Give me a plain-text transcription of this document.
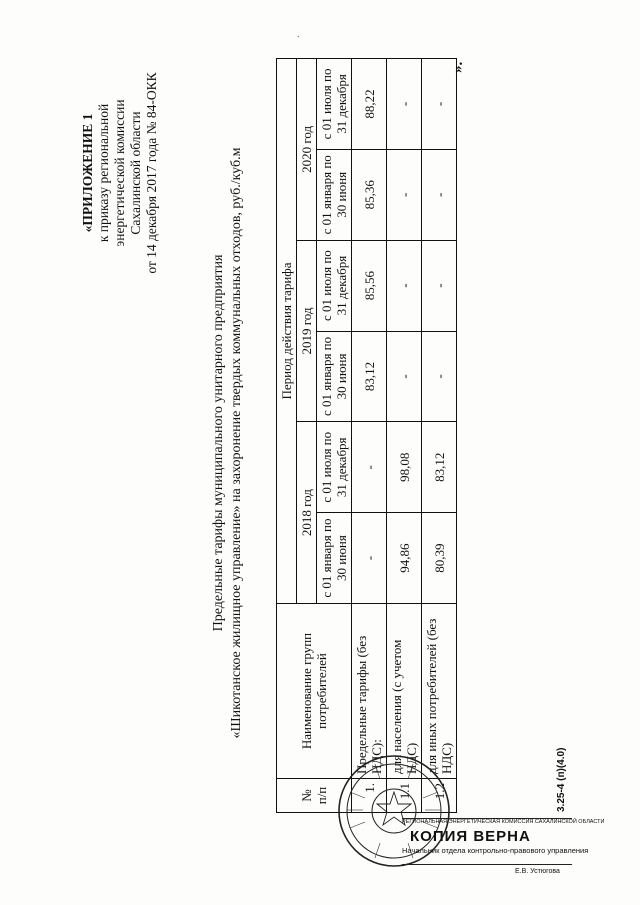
«ПРИЛОЖЕНИЕ 1 к приказу региональной энергетической комиссии Сахалинской области от 14 декабря 2017 года № 84-ОКК
Предельные тарифы муниципального унитарного предприятия «Шикотанское жилищное управление» на захоронение твердых коммунальных отходов, руб./куб.м
.
№ п/п	Наименование групп потребителей	Период действия тарифа					
		2018 год		2019 год		2020 год	
		с 01 января по 30 июня	с 01 июля по 31 декабря	с 01 января по 30 июня	с 01 июля по 31 декабря	с 01 января по 30 июня	с 01 июля по 31 декабря
1.	Предельные тарифы (без НДС):	-	-	83,12	85,56	85,36	88,22
1.1	для населения (с учетом НДС)	94,86	98,08	-	-	-	-
1.2	для иных потребителей (без НДС)	80,39	83,12	-	-	-	-
».
3.25-4 (п)(4.0)
РЕГИОНАЛЬНАЯ ЭНЕРГЕТИЧЕСКАЯ КОМИССИЯ САХАЛИНСКОЙ ОБЛАСТИ
КОПИЯ ВЕРНА
Начальник отдела контрольно-правового управления
Е.В. Устюгова
